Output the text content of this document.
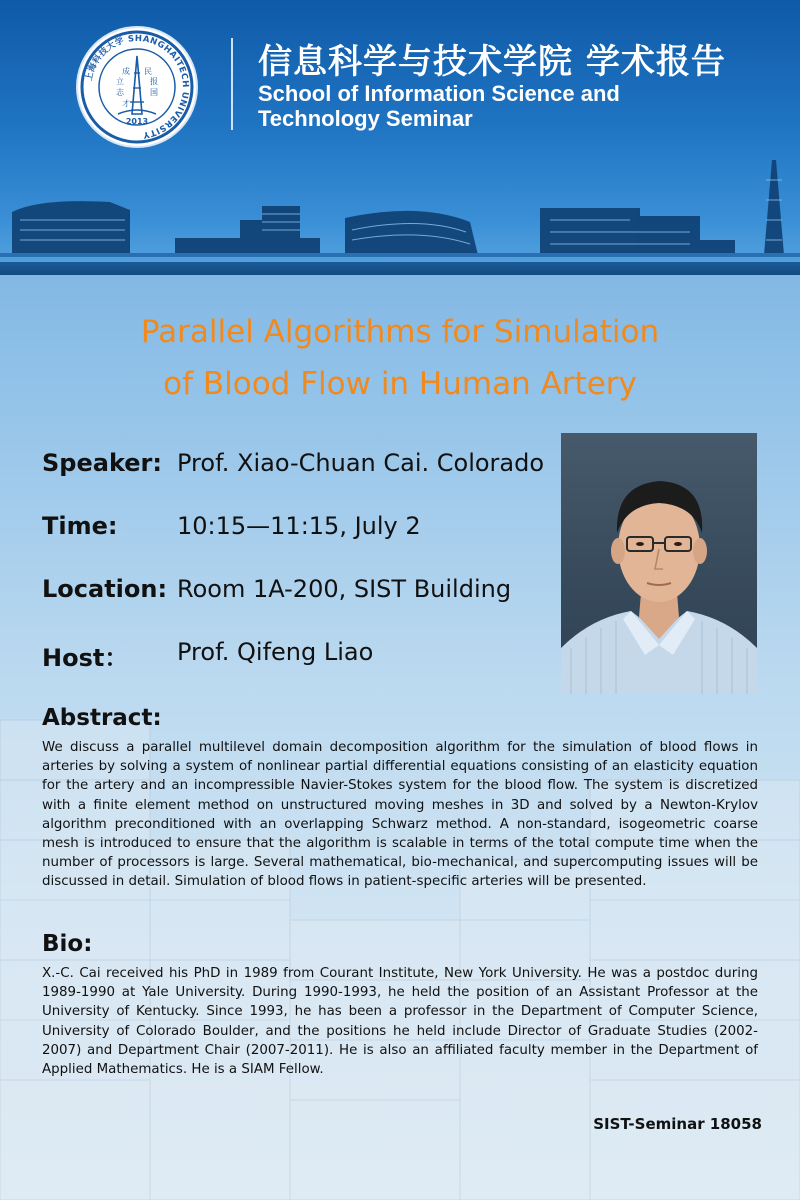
上海科技大学 SHANGHAITECH UNIVERSITY
立	报
志	国
成 民
才
2013
信息科学与技术学院 学术报告
School of Information Science and
Technology Seminar
Parallel Algorithms for Simulation
of Blood Flow in Human Artery
Speaker: Prof. Xiao-Chuan Cai. Colorado
Time: 10:15—11:15, July 2
Location: Room 1A-200, SIST Building
Host： Prof. Qifeng Liao
Abstract:
We discuss a parallel multilevel domain decomposition algorithm for the simulation of blood flows in arteries by solving a system of nonlinear partial differential equations consisting of an elasticity equation for the artery and an incompressible Navier-Stokes system for the blood flow. The system is discretized with a finite element method on unstructured moving meshes in 3D and solved by a Newton-Krylov algorithm preconditioned with an overlapping Schwarz method. A non-standard, isogeometric coarse mesh is introduced to ensure that the algorithm is scalable in terms of the total compute time when the number of processors is large. Several mathematical, bio-mechanical, and supercomputing issues will be discussed in detail. Simulation of blood flows in patient-specific arteries will be presented.
Bio:
X.-C. Cai received his PhD in 1989 from Courant Institute, New York University. He was a postdoc during 1989-1990 at Yale University. During 1990-1993, he held the position of an Assistant Professor at the University of Kentucky. Since 1993, he has been a professor in the Department of Computer Science, University of Colorado Boulder, and the positions he held include Director of Graduate Studies (2002-2007) and Department Chair (2007-2011). He is also an affiliated faculty member in the Department of Applied Mathematics. He is a SIAM Fellow.
SIST-Seminar 18058
